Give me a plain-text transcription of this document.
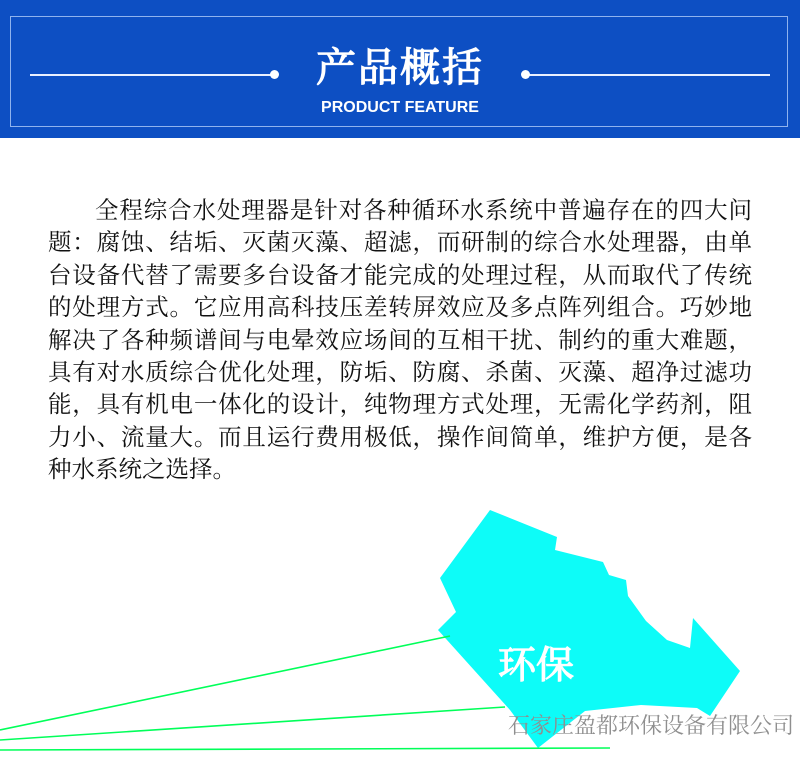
产品概括
PRODUCT FEATURE

全程综合水处理器是针对各种循环水系统中普遍存在的四大问题：腐蚀、结垢、灭菌灭藻、超滤，而研制的综合水处理器，由单台设备代替了需要多台设备才能完成的处理过程，从而取代了传统的处理方式。它应用高科技压差转屏效应及多点阵列组合。巧妙地解决了各种频谱间与电晕效应场间的互相干扰、制约的重大难题，具有对水质综合优化处理，防垢、防腐、杀菌、灭藻、超净过滤功能，具有机电一体化的设计，纯物理方式处理，无需化学药剂，阻力小、流量大。而且运行费用极低，操作间简单，维护方便，是各种水系统之选择。

环保
石家庄盈都环保设备有限公司
